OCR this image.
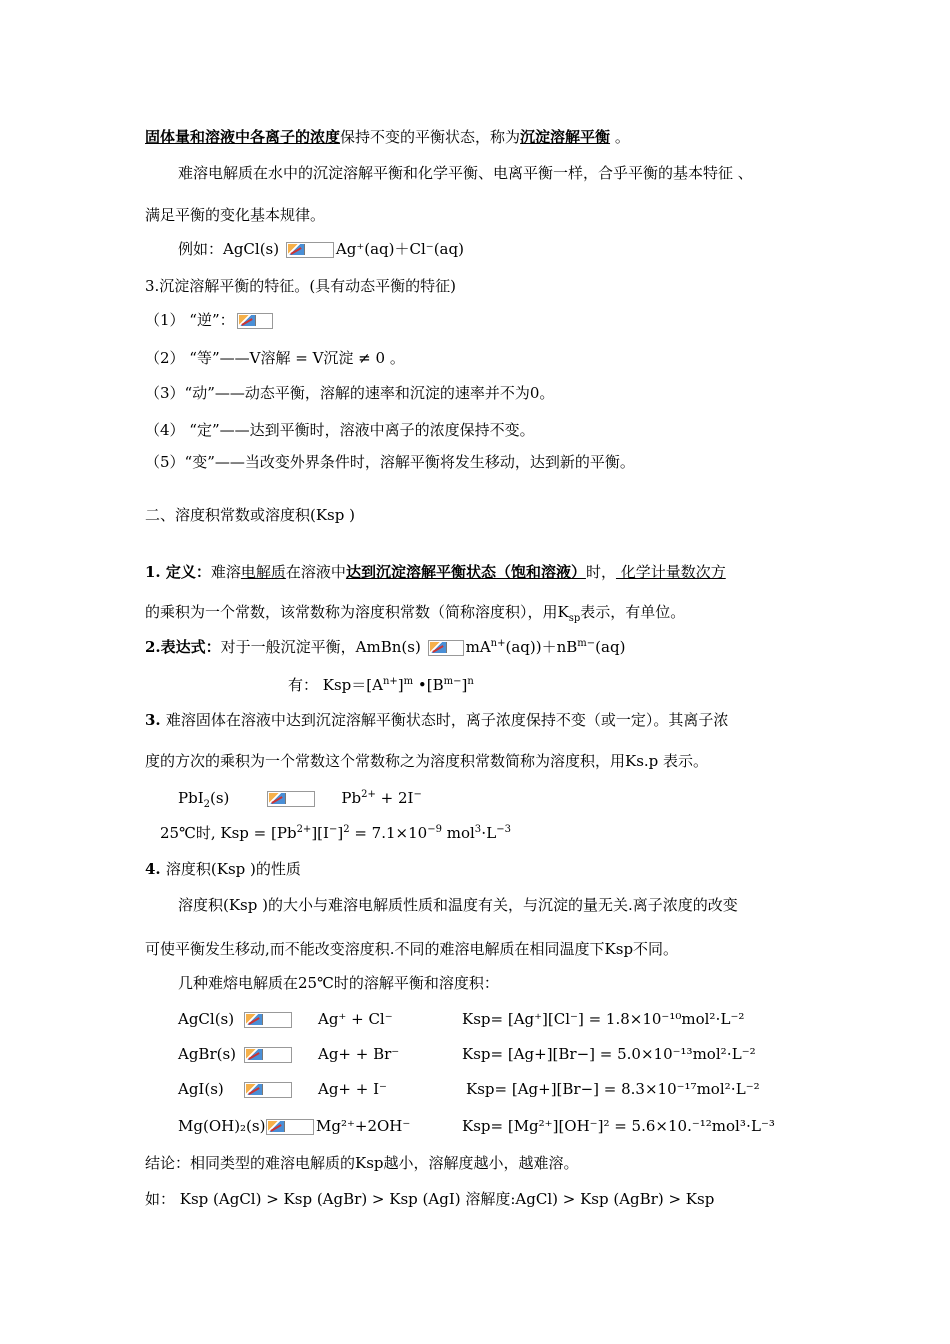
固体量和溶液中各离子的浓度保持不变的平衡状态，称为沉淀溶解平衡 。
难溶电解质在水中的沉淀溶解平衡和化学平衡、电离平衡一样，合乎平衡的基本特征 、
满足平衡的变化基本规律。
例如：AgCl(s)	Ag⁺(aq)＋Cl⁻(aq)
3.沉淀溶解平衡的特征。(具有动态平衡的特征)
（1） “逆”：
（2） “等”——V溶解 = V沉淀 ≠ 0 。
（3）“动”——动态平衡，溶解的速率和沉淀的速率并不为0。
（4） “定”——达到平衡时，溶液中离子的浓度保持不变。
（5）“变”——当改变外界条件时，溶解平衡将发生移动，达到新的平衡。
二、溶度积常数或溶度积(Ksp )
1. 定义：难溶电解质在溶液中达到沉淀溶解平衡状态（饱和溶液）时， 化学计量数次方
的乘积为一个常数，该常数称为溶度积常数（简称溶度积），用$K_{sp}$表示，有单位。
2.表达式：对于一般沉淀平衡，AmBn(s)	$mA^{n+}(aq))+nB^{m-}(aq)$
有： $Ksp=[A^{n+}]^m$ $•[B^{m-}]^n$
3. 难溶固体在溶液中达到沉淀溶解平衡状态时，离子浓度保持不变（或一定）。其离子浓
度的方次的乘积为一个常数这个常数称之为溶度积常数简称为溶度积，用Ks.p 表示。
PbI$_2$(s)	$Pb^{2+} + 2I^-$
25℃时, Ksp = $[Pb^{2+}][I^-]^2 = 7.1\times 10^{-9}$ $mol^3\cdot L^{-3}$
4. 溶度积(Ksp )的性质
溶度积(Ksp )的大小与难溶电解质性质和温度有关，与沉淀的量无关.离子浓度的改变
可使平衡发生移动,而不能改变溶度积.不同的难溶电解质在相同温度下Ksp不同。
几种难熔电解质在25℃时的溶解平衡和溶度积：
AgCl(s)	Ag⁺ + Cl⁻	Ksp= [Ag⁺][Cl⁻] = 1.8×10⁻¹⁰mol²⋅L⁻²
AgBr(s)	Ag+ + Br⁻	Ksp= [Ag+][Br−] = 5.0×10⁻¹³mol²⋅L⁻²
AgI(s)	Ag+ + I⁻	Ksp= [Ag+][Br−] = 8.3×10⁻¹⁷mol²⋅L⁻²
Mg(OH)₂(s)	Mg²⁺+2OH⁻	Ksp= [Mg²⁺][OH⁻]² = 5.6×10.⁻¹²mol³⋅L⁻³
结论：相同类型的难溶电解质的Ksp越小，溶解度越小，越难溶。
如： Ksp (AgCl) > Ksp (AgBr) > Ksp (AgI) 溶解度:AgCl) > Ksp (AgBr) > Ksp
